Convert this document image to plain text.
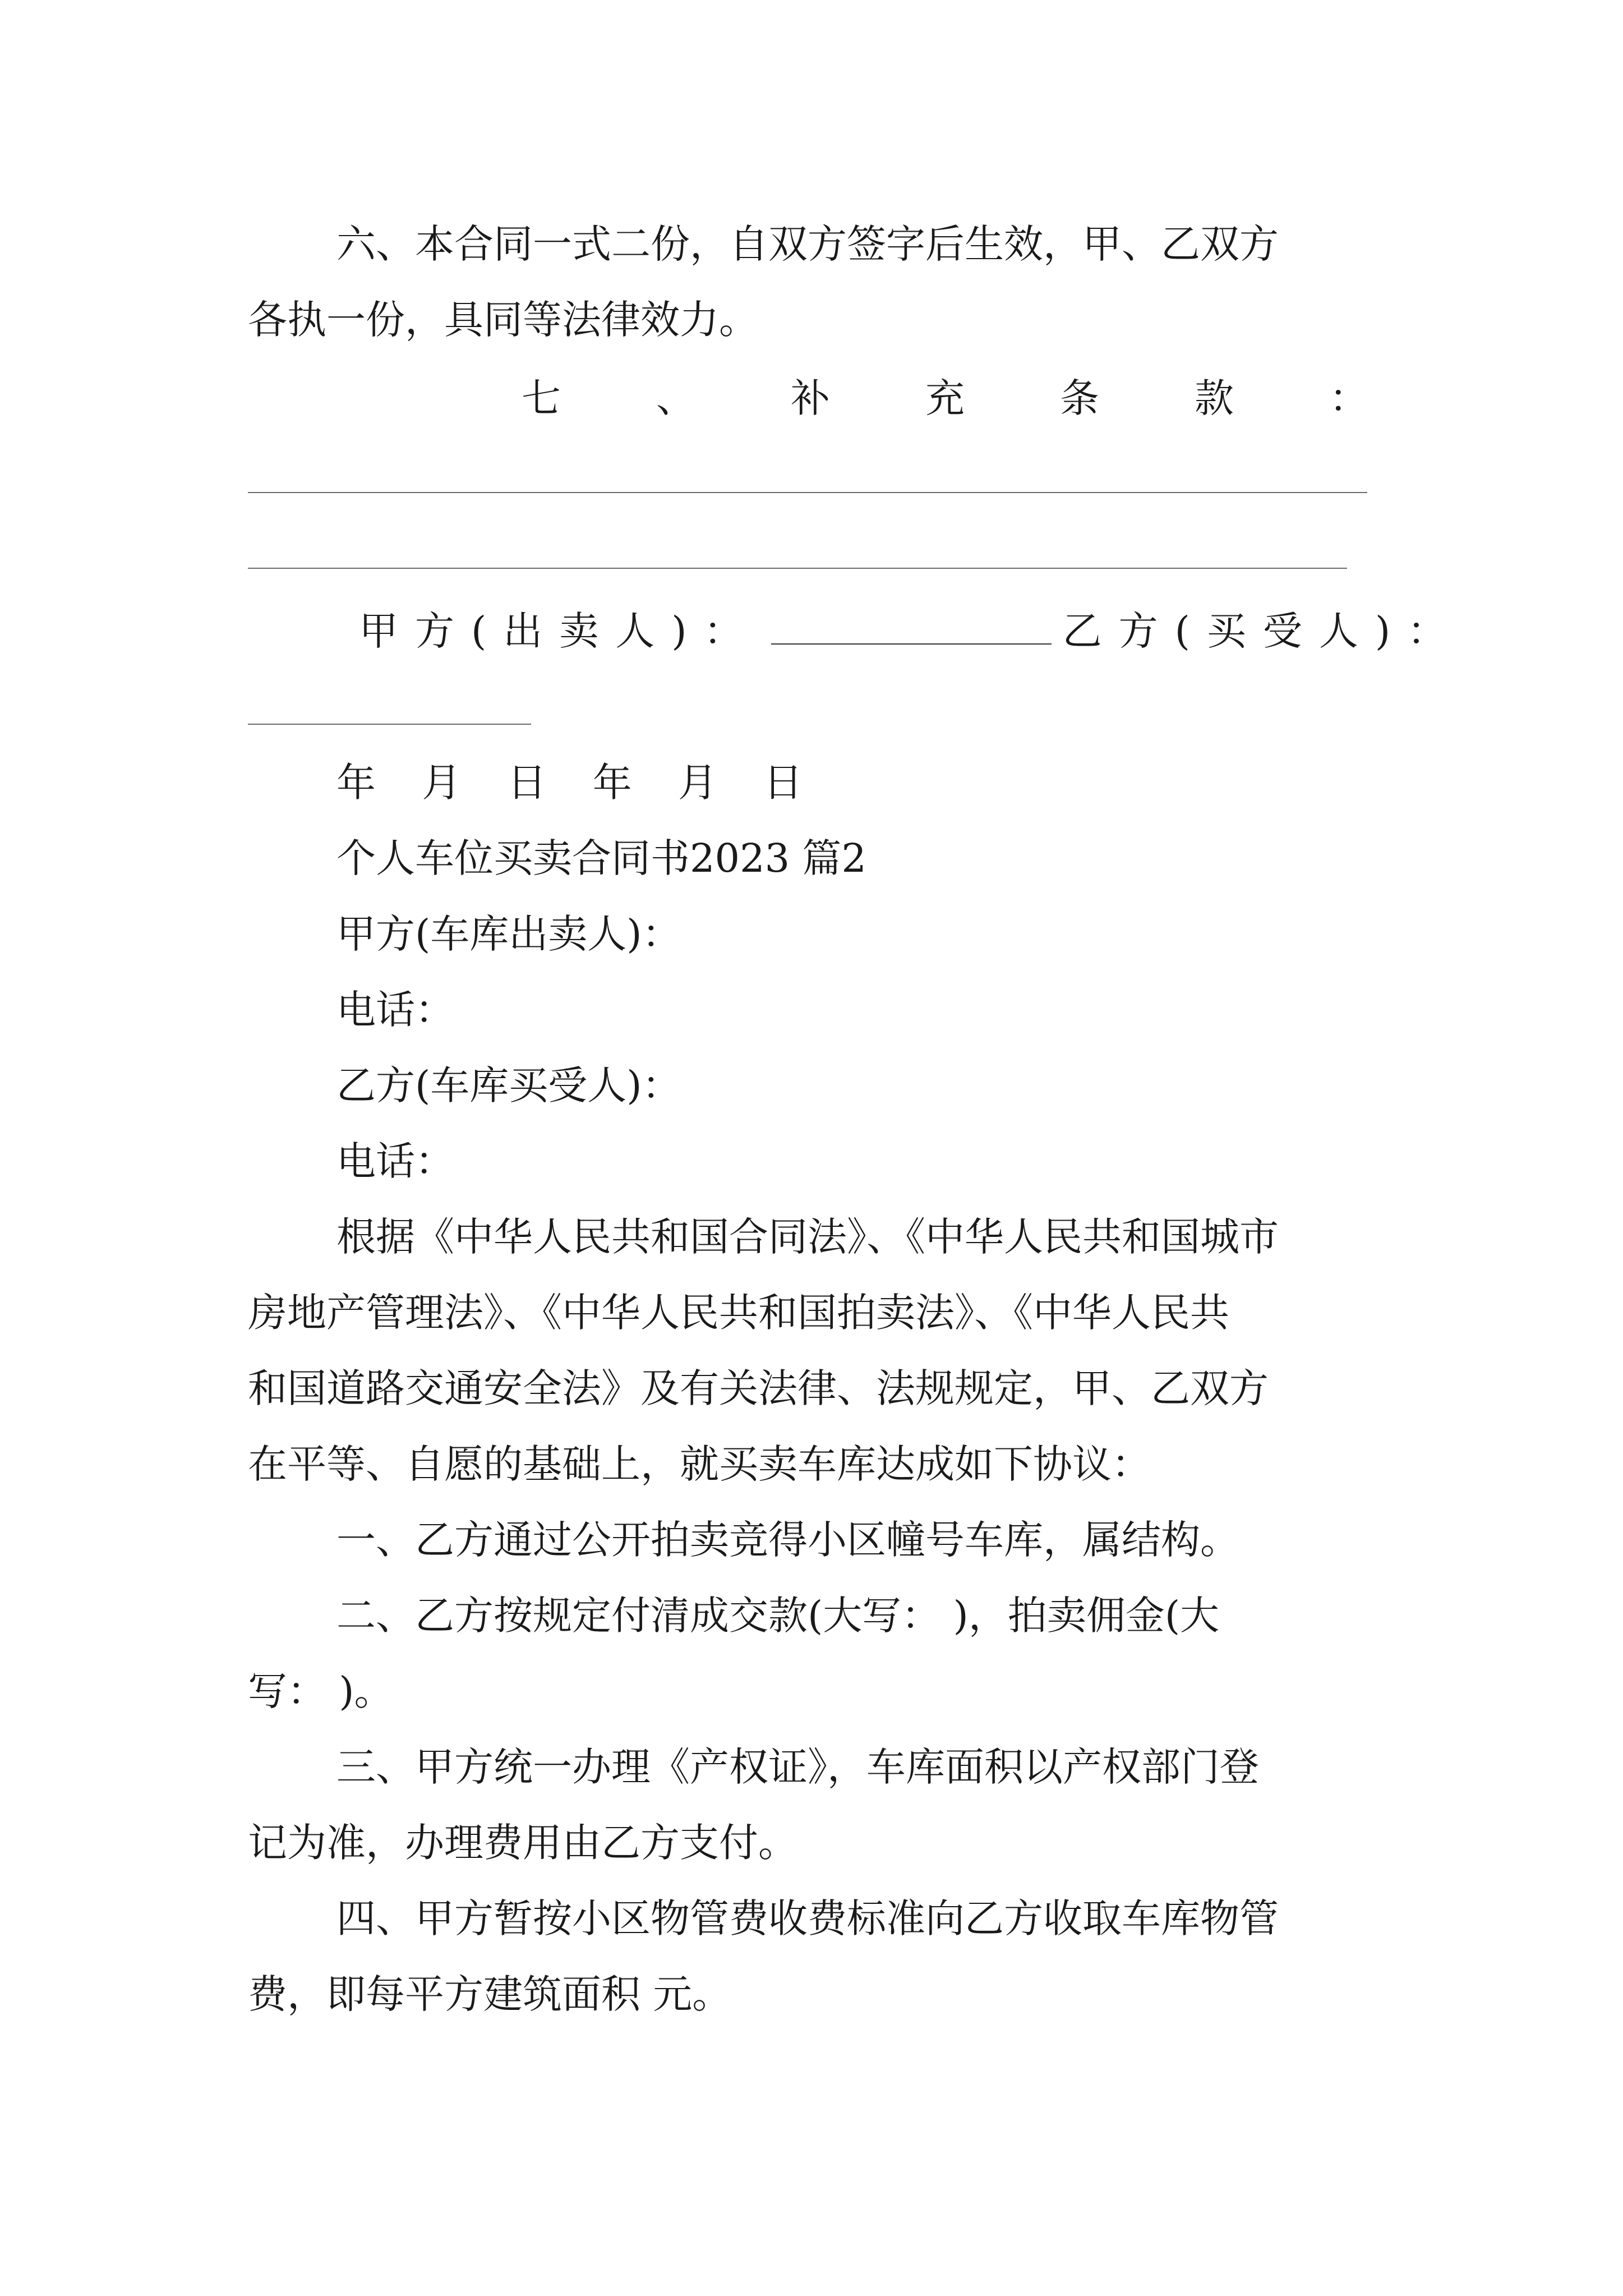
六、本合同一式二份，自双方签字后生效，甲、乙双方
各执一份，具同等法律效力。
七 、 补 充 条 款 ：
甲方(出卖人)：	乙方(买受人)：
年 月 日 年 月 日
个人车位买卖合同书2023 篇2
甲方(车库出卖人)：
电话：
乙方(车库买受人)：
电话：
根据《中华人民共和国合同法》、《中华人民共和国城市
房地产管理法》、《中华人民共和国拍卖法》、《中华人民共
和国道路交通安全法》及有关法律、法规规定，甲、乙双方
在平等、自愿的基础上，就买卖车库达成如下协议：
一、乙方通过公开拍卖竞得小区幢号车库，属结构。
二、乙方按规定付清成交款(大写： )，拍卖佣金(大
写： )。
三、甲方统一办理《产权证》，车库面积以产权部门登
记为准，办理费用由乙方支付。
四、甲方暂按小区物管费收费标准向乙方收取车库物管
费，即每平方建筑面积 元。
